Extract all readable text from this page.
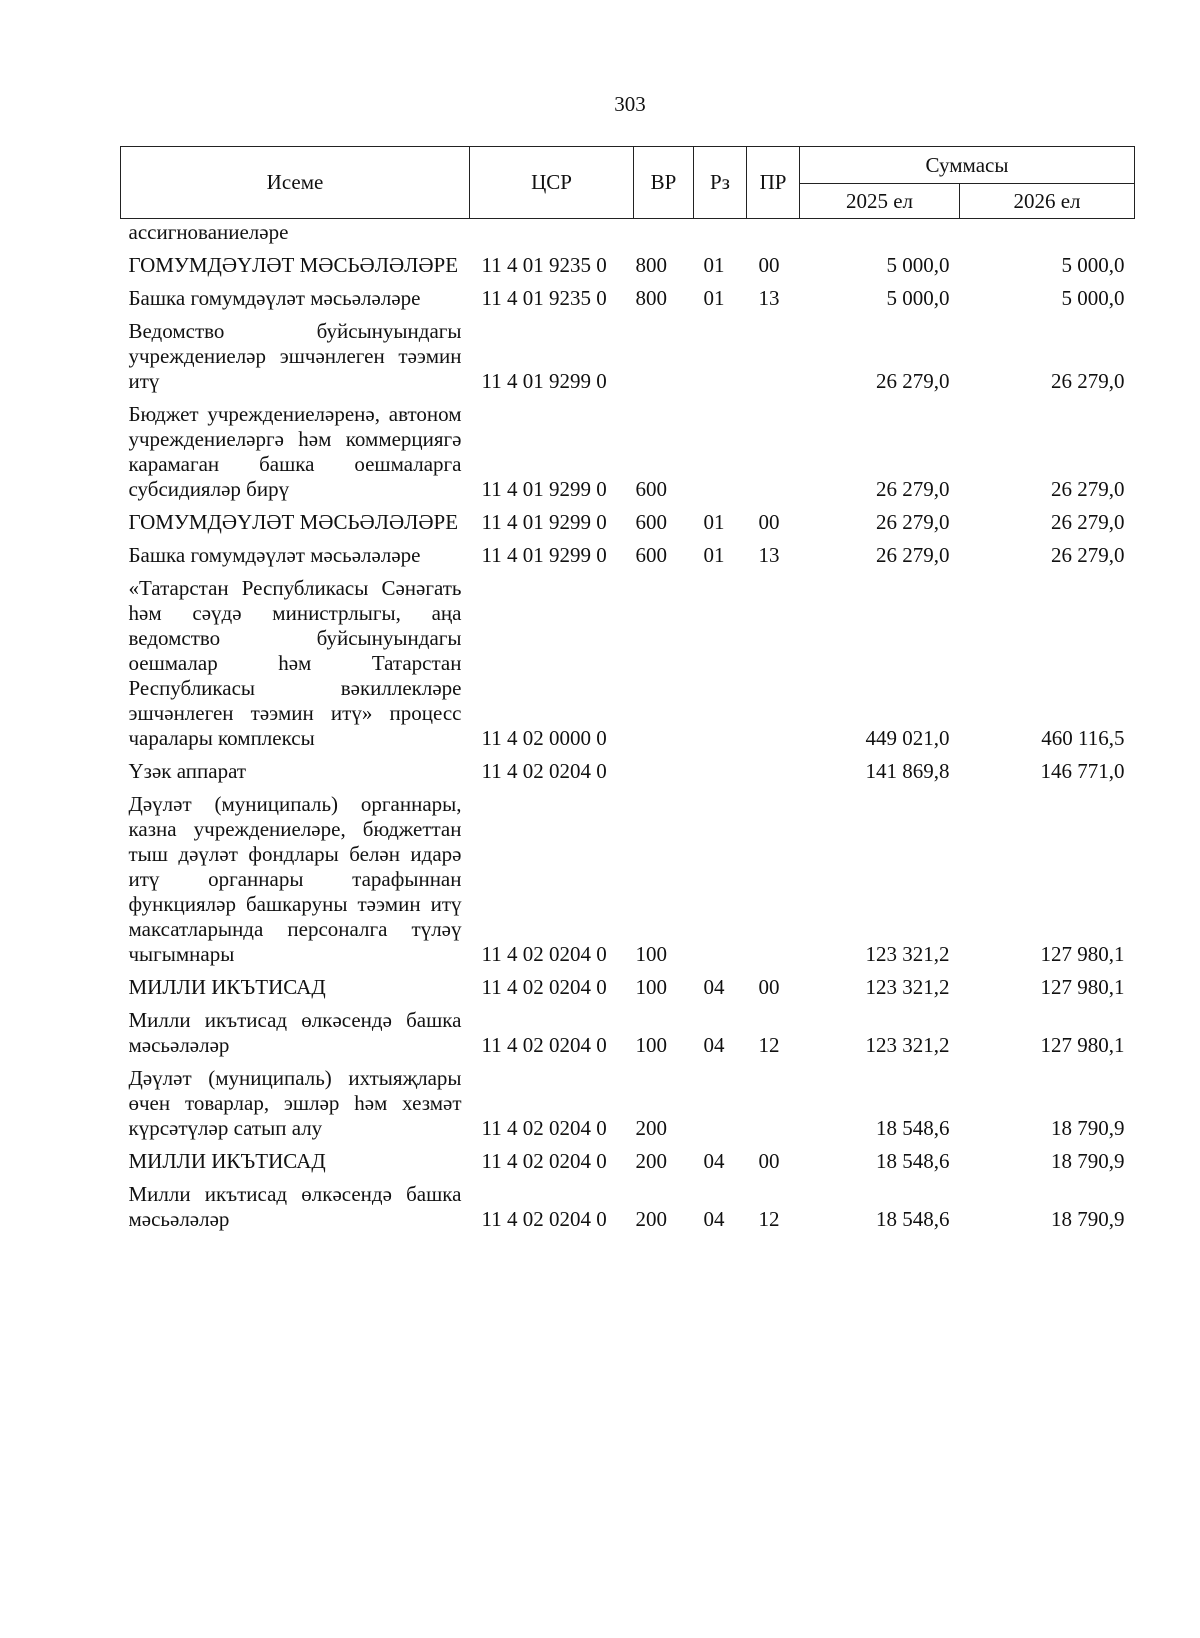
303
Исеме	ЦСР	ВР	Рз	ПР	Суммасы	
					2025 ел	2026 ел
ассигнованиеләре						
ГОМУМДӘҮЛӘТ МӘСЬӘЛӘЛӘРЕ	11 4 01 9235 0	800	01	00	5 000,0	5 000,0
Башка гомумдәүләт мәсьәләләре	11 4 01 9235 0	800	01	13	5 000,0	5 000,0
Ведомство буйсынуындагы учреждениеләр эшчәнлеген тәэмин итү	11 4 01 9299 0				26 279,0	26 279,0
Бюджет учреждениеләренә, автоном учреждениеләргә һәм коммерциягә карамаган башка оешмаларга субсидияләр бирү	11 4 01 9299 0	600			26 279,0	26 279,0
ГОМУМДӘҮЛӘТ МӘСЬӘЛӘЛӘРЕ	11 4 01 9299 0	600	01	00	26 279,0	26 279,0
Башка гомумдәүләт мәсьәләләре	11 4 01 9299 0	600	01	13	26 279,0	26 279,0
«Татарстан Республикасы Сәнәгать һәм сәүдә министрлыгы, аңа ведомство буйсынуындагы оешмалар һәм Татарстан Республикасы вәкиллекләре эшчәнлеген тәэмин итү» процесс чаралары комплексы	11 4 02 0000 0				449 021,0	460 116,5
Үзәк аппарат	11 4 02 0204 0				141 869,8	146 771,0
Дәүләт (муниципаль) органнары, казна учреждениеләре, бюджеттан тыш дәүләт фондлары белән идарә итү органнары тарафыннан функцияләр башкаруны тәэмин итү максатларында персоналга түләү чыгымнары	11 4 02 0204 0	100			123 321,2	127 980,1
МИЛЛИ ИКЪТИСАД	11 4 02 0204 0	100	04	00	123 321,2	127 980,1
Милли икътисад өлкәсендә башка мәсьәләләр	11 4 02 0204 0	100	04	12	123 321,2	127 980,1
Дәүләт (муниципаль) ихтыяҗлары өчен товарлар, эшләр һәм хезмәт күрсәтүләр сатып алу	11 4 02 0204 0	200			18 548,6	18 790,9
МИЛЛИ ИКЪТИСАД	11 4 02 0204 0	200	04	00	18 548,6	18 790,9
Милли икътисад өлкәсендә башка мәсьәләләр	11 4 02 0204 0	200	04	12	18 548,6	18 790,9
